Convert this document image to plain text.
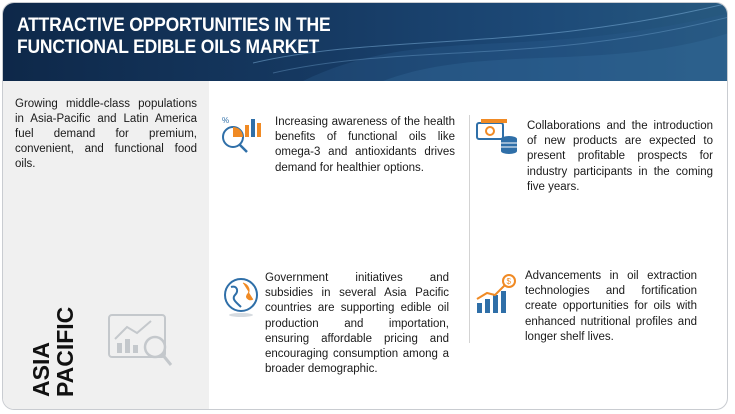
ATTRACTIVE OPPORTUNITIES IN THE
FUNCTIONAL EDIBLE OILS MARKET
Growing middle-class populations in Asia-Pacific and Latin America fuel demand for premium, convenient, and functional food oils.
ASIA
PACIFIC
%	Increasing awareness of the health benefits of functional oils like omega-3 and antioxidants drives demand for healthier options.
Collaborations and the introduction of new products are expected to present profitable prospects for industry participants in the coming five years.
Government initiatives and subsidies in several Asia Pacific countries are supporting edible oil production and importation, ensuring affordable pricing and encouraging consumption among a broader demographic.
$ Advancements in oil extraction technologies and fortification create opportunities for oils with enhanced nutritional profiles and longer shelf lives.
